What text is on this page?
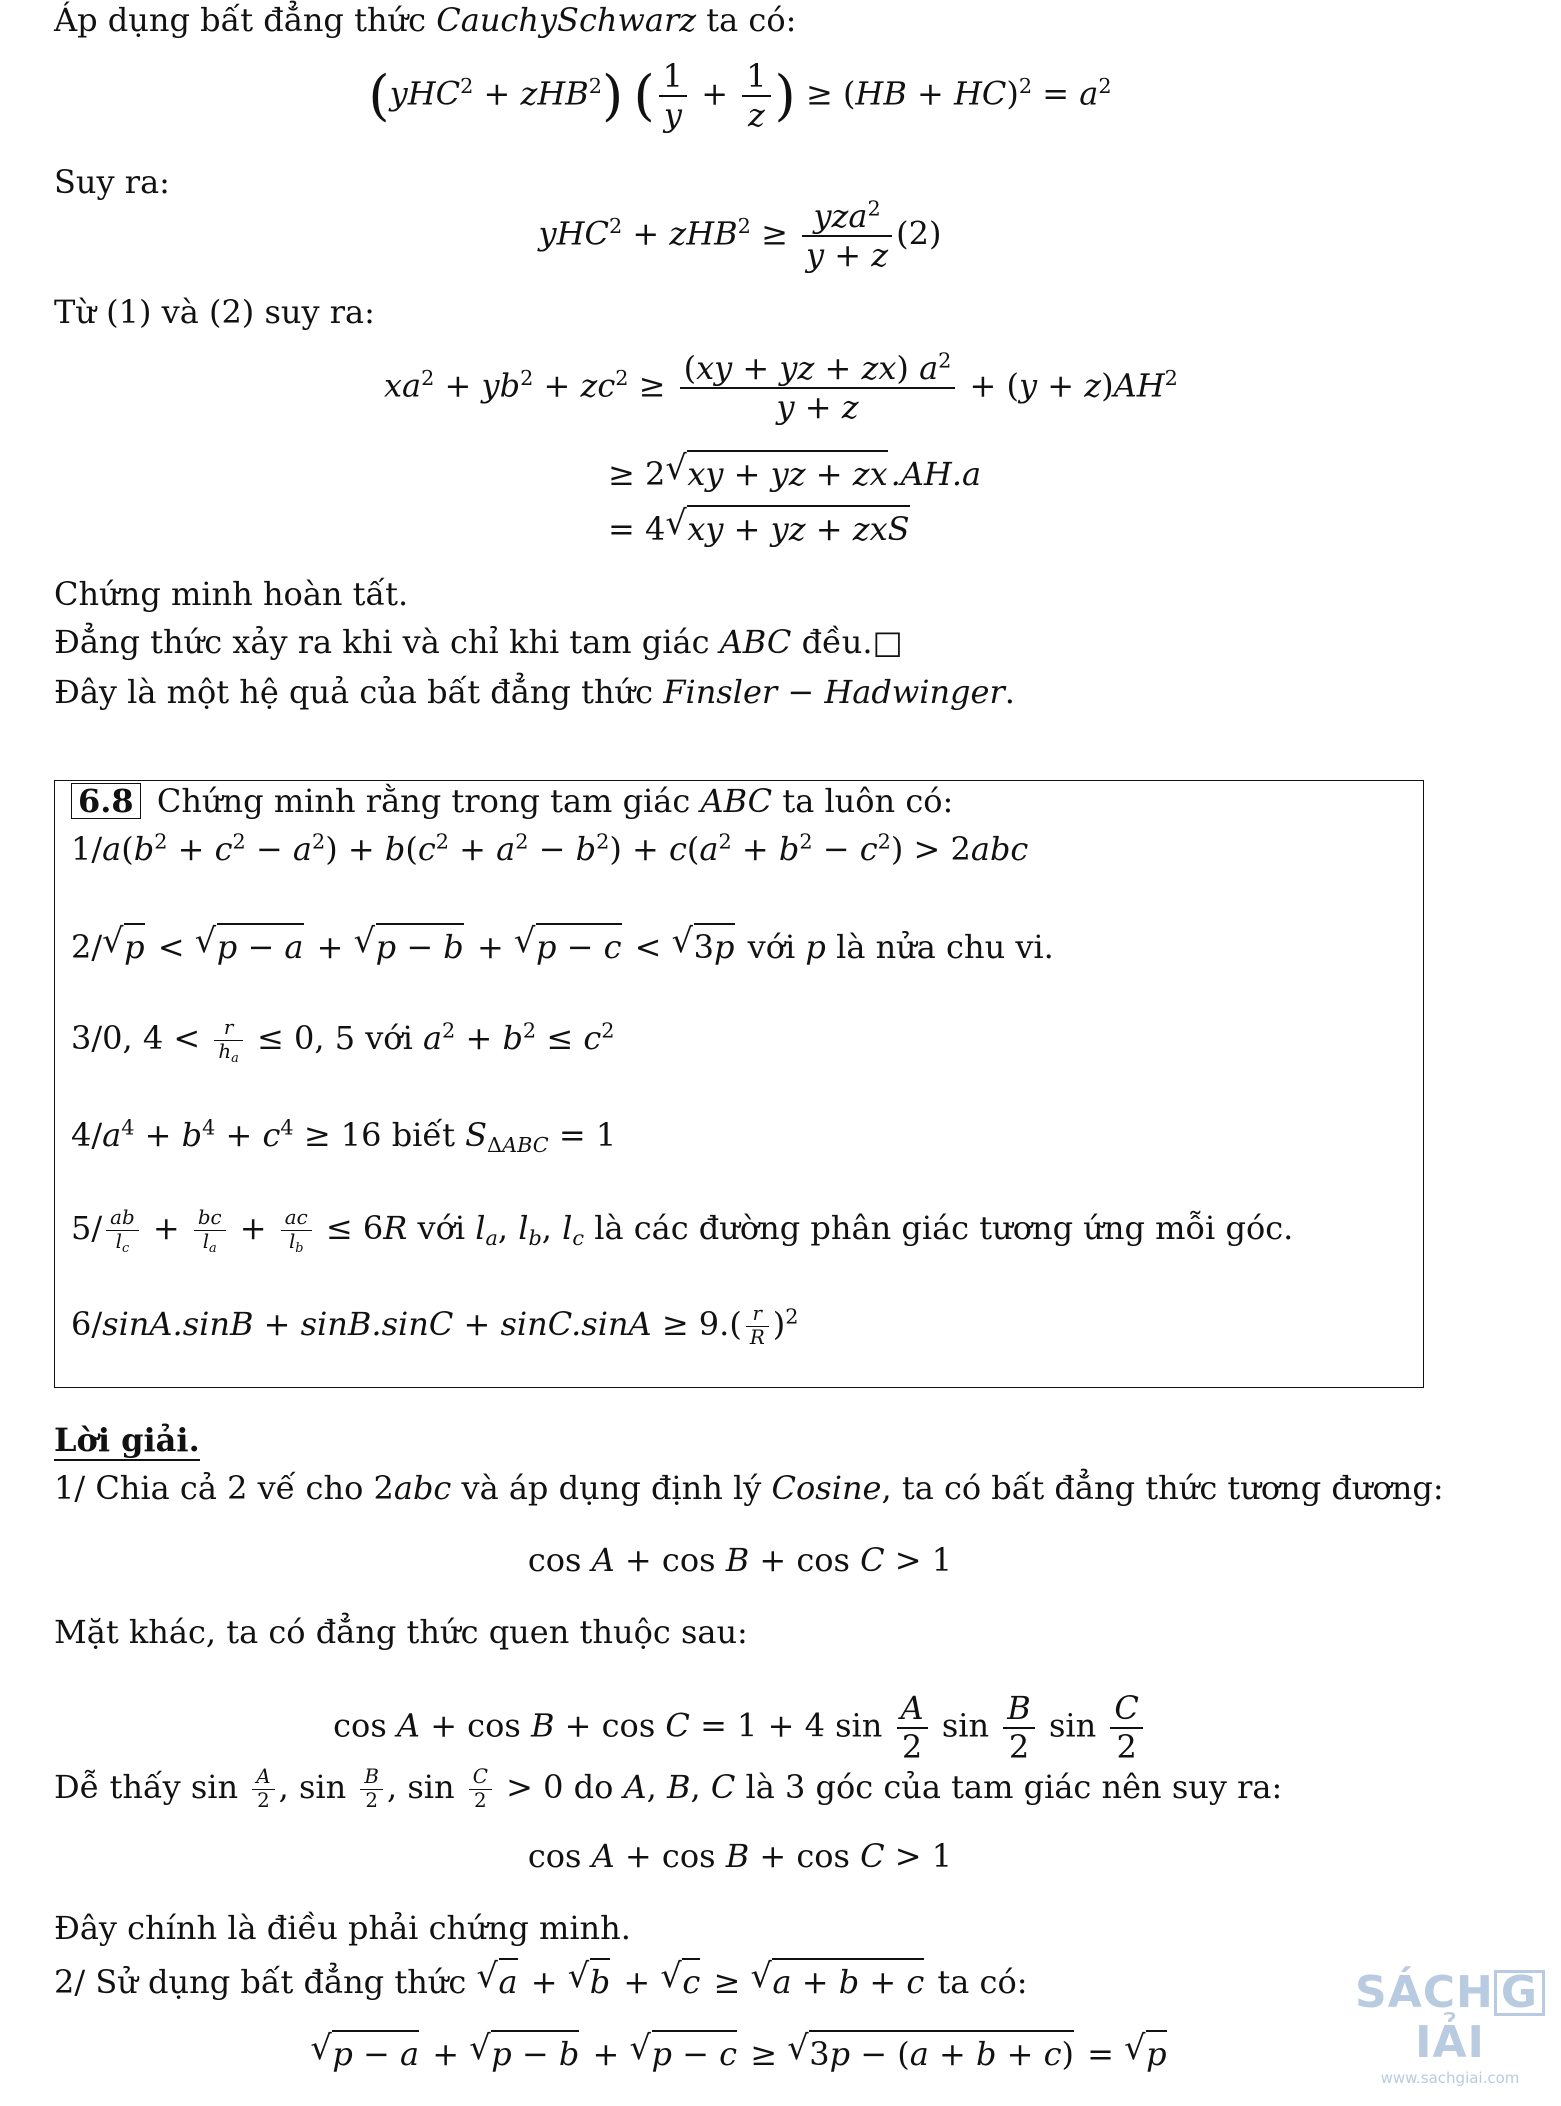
Áp dụng bất đẳng thức CauchySchwarz ta có:
(yHC$^2$ + zHB$^2$) ( $\frac{1}{y} + \frac{1}{z}$ ) ≥ $(HB + HC)^2 = a^2$
Suy ra:
$yHC^2 + zHB^2 \ge \frac{yza^2}{y + z} (2)$
Từ (1) và (2) suy ra:
$xa^2 + yb^2 + zc^2 \ge \frac{(xy + yz + zx) a^2}{y + z} + (y + z)AH^2$
≥ 2 √ xy + yz + zx.AH.a
= 4 √ xy + yz + zxS
Chứng minh hoàn tất.
Đẳng thức xảy ra khi và chỉ khi tam giác ABC đều.□
Đây là một hệ quả của bất đẳng thức Finsler − Hadwinger.
6.8 Chứng minh rằng trong tam giác ABC ta luôn có:
$1/a(b^2 + c^2 - a^2) + b(c^2 + a^2 - b^2) + c(a^2 + b^2 - c^2) > 2abc$
2/ √ p < √ p − a + √ p − b + √ p − c < √ 3p với p là nửa chu vi.
3/0, $4 < \frac{r}{h_a} \le 0$, 5 với $a^2 + b^2 \le c^2$
$4/a^4 + b^4 + c^4 \ge 16$ biết $S_{\Delta ABC} = 1$
$5/ \frac{ab}{l_c} + \frac{bc}{l_a} + \frac{ac}{l_b} \le 6R$ với $l_a$, $l_b$, $l_c$ là các đường phân giác tương ứng mỗi góc.
$6/\sin A.\sin B + \sin B.\sin C + \sin C.\sin A \ge 9.( \frac{r}{R} )^2$
Lời giải.
1/ Chia cả 2 vế cho 2abc và áp dụng định lý Cosine, ta có bất đẳng thức tương đương:
cos A + cos B + cos C > 1
Mặt khác, ta có đẳng thức quen thuộc sau:
cos A + cos B + cos C = 1 + 4 $\sin \frac{A}{2}$ $\sin \frac{B}{2}$ $\sin \frac{C}{2}$
Dễ thấy $\sin \frac{A}{2}$ , $\sin \frac{B}{2}$ , $\sin \frac{C}{2} > 0$ do A, B, C là 3 góc của tam giác nên suy ra:
cos A + cos B + cos C > 1
Đây chính là điều phải chứng minh.
2/ Sử dụng bất đẳng thức √ a + √ b + √ c ≥ √ a + b + c ta có:
√ p − a + √ p − b + √ p − c ≥ √ 3p − (a + b + c) = √ p
SÁCH GIẢI
www.sachgiai.com
